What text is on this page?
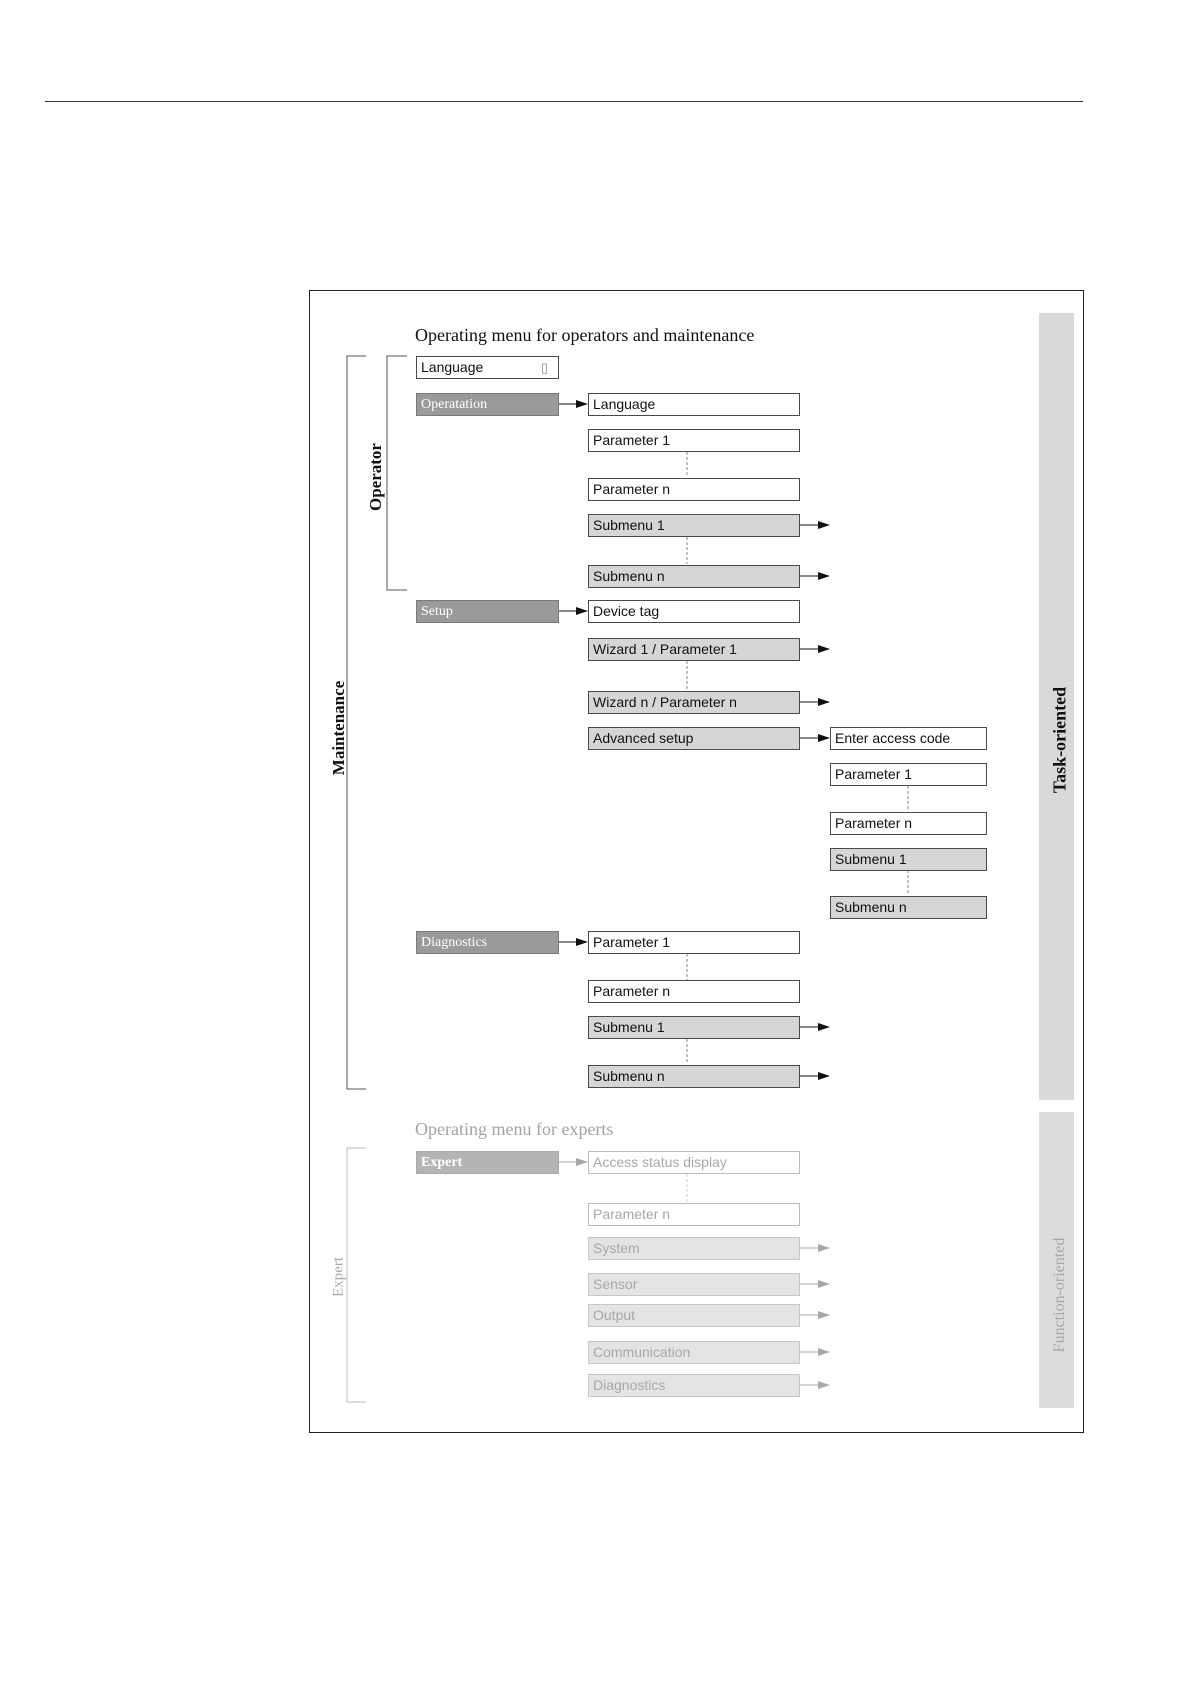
Task-oriented
Function-oriented
Operating menu for operators and maintenance
Operating menu for experts
Operator
Maintenance
Expert
Language	▯
Operatation
Setup
Diagnostics
Expert
Language
Parameter 1
Parameter n
Submenu 1
Submenu n
Device tag
Wizard 1 / Parameter 1
Wizard n / Parameter n
Advanced setup	Enter access code
Parameter 1
Parameter n
Submenu 1
Submenu n
Parameter 1
Parameter n
Submenu 1
Submenu n
Access status display
Parameter n
System
Sensor
Output
Communication
Diagnostics
